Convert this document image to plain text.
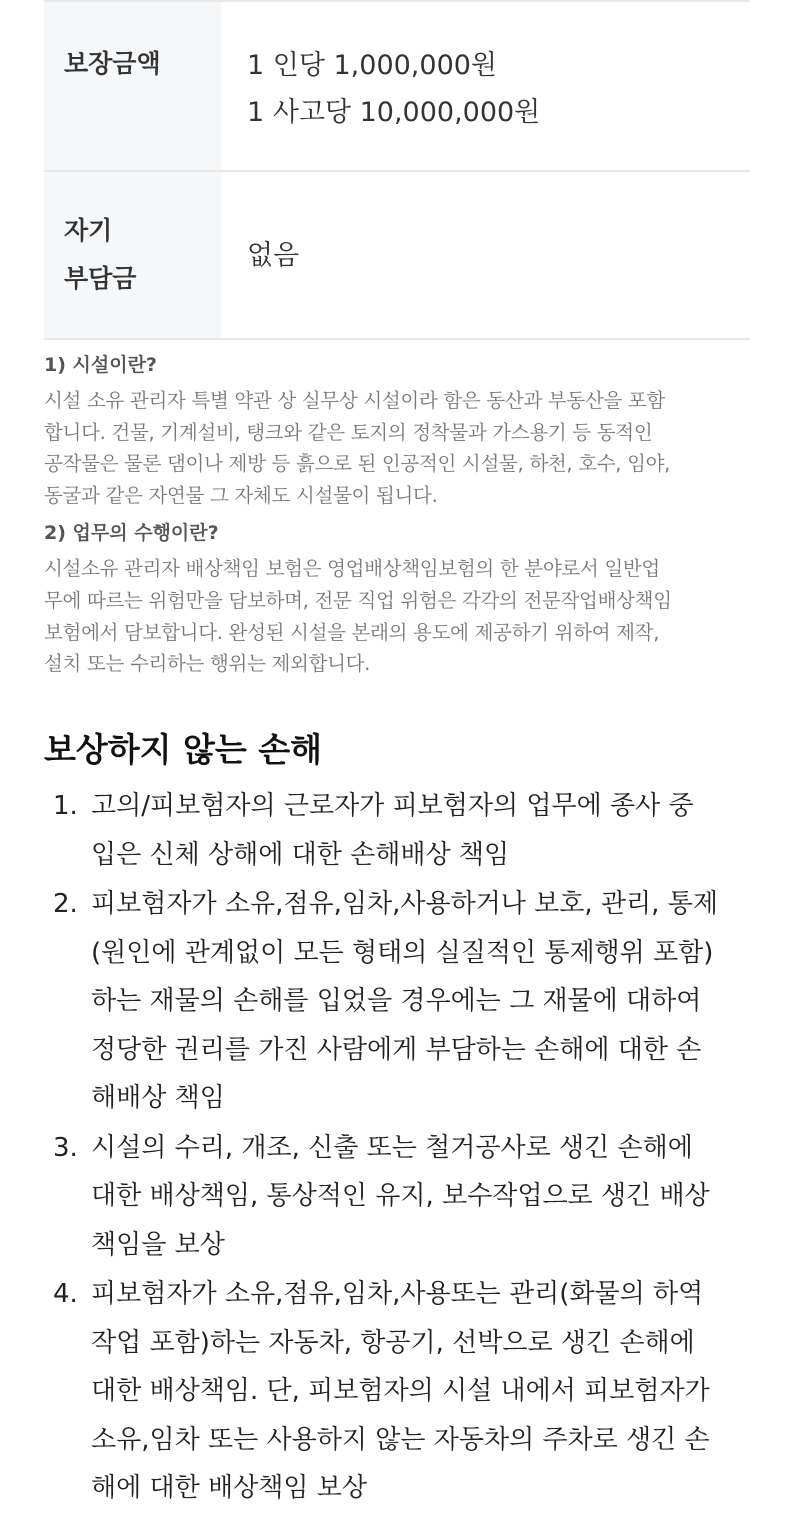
보장금액	1 인당 1,000,000원
1 사고당 10,000,000원

자기
부담금	없음

1) 시설이란?

시설 소유 관리자 특별 약관 상 실무상 시설이라 함은 동산과 부동산을 포함
합니다. 건물, 기계설비, 탱크와 같은 토지의 정착물과 가스용기 등 동적인
공작물은 물론 댐이나 제방 등 흙으로 된 인공적인 시설물, 하천, 호수, 임야,
동굴과 같은 자연물 그 자체도 시설물이 됩니다.

2) 업무의 수행이란?

시설소유 관리자 배상책임 보험은 영업배상책임보험의 한 분야로서 일반업
무에 따르는 위험만을 담보하며, 전문 직업 위험은 각각의 전문작업배상책임
보험에서 담보합니다. 완성된 시설을 본래의 용도에 제공하기 위하여 제작,
설치 또는 수리하는 행위는 제외합니다.

보상하지 않는 손해
1. 고의/피보험자의 근로자가 피보험자의 업무에 종사 중
입은 신체 상해에 대한 손해배상 책임
2. 피보험자가 소유,점유,임차,사용하거나 보호, 관리, 통제
(원인에 관계없이 모든 형태의 실질적인 통제행위 포함)
하는 재물의 손해를 입었을 경우에는 그 재물에 대하여
정당한 권리를 가진 사람에게 부담하는 손해에 대한 손
해배상 책임
3. 시설의 수리, 개조, 신출 또는 철거공사로 생긴 손해에
대한 배상책임, 통상적인 유지, 보수작업으로 생긴 배상
책임을 보상
4. 피보험자가 소유,점유,임차,사용또는 관리(화물의 하역
작업 포함)하는 자동차, 항공기, 선박으로 생긴 손해에
대한 배상책임. 단, 피보험자의 시설 내에서 피보험자가
소유,임차 또는 사용하지 않는 자동차의 주차로 생긴 손
해에 대한 배상책임 보상
